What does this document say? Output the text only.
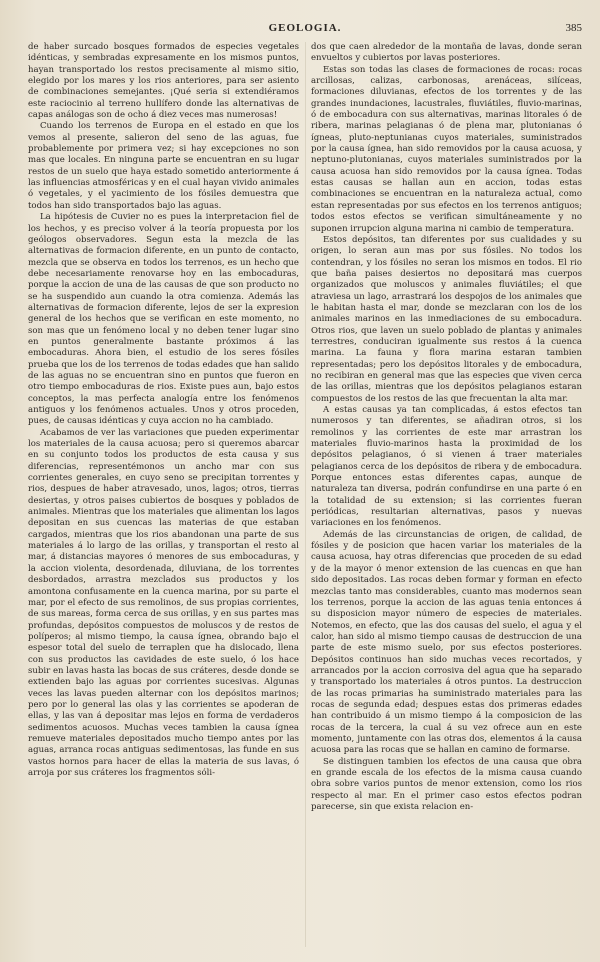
GEOLOGIA.	385

de haber surcado bosques formados de especies vegetales idénticas, y sembradas expresamente en los mismos puntos, hayan transportado los restos precisamente al mismo sitio, elegido por los mares y los rios anteriores, para ser asiento de combinaciones semejantes. ¡Qué seria si extendiéramos este raciocinio al terreno hullífero donde las alternativas de capas análogas son de ocho á diez veces mas numerosas!

Cuando los terrenos de Europa en el estado en que los vemos al presente, salieron del seno de las aguas, fue probablemente por primera vez; si hay excepciones no son mas que locales. En ninguna parte se encuentran en su lugar restos de un suelo que haya estado sometido anteriormente á las influencias atmosféricas y en el cual hayan vivido animales ó vegetales, y el yacimiento de los fósiles demuestra que todos han sido transportados bajo las aguas.

La hipótesis de Cuvier no es pues la interpretacion fiel de los hechos, y es preciso volver á la teoría propuesta por los geólogos observadores. Segun esta la mezcla de las alternativas de formacion diferente, en un punto de contacto, mezcla que se observa en todos los terrenos, es un hecho que debe necesariamente renovarse hoy en las embocaduras, porque la accion de una de las causas de que son producto no se ha suspendido aun cuando la otra comienza. Además las alternativas de formacion diferente, lejos de ser la expresion general de los hechos que se verifican en este momento, no son mas que un fenómeno local y no deben tener lugar sino en puntos generalmente bastante próximos á las embocaduras. Ahora bien, el estudio de los seres fósiles prueba que los de los terrenos de todas edades que han salido de las aguas no se encuentran sino en puntos que fueron en otro tiempo embocaduras de rios. Existe pues aun, bajo estos conceptos, la mas perfecta analogía entre los fenómenos antiguos y los fenómenos actuales. Unos y otros proceden, pues, de causas idénticas y cuya accion no ha cambiado.

Acabamos de ver las variaciones que pueden experimentar los materiales de la causa acuosa; pero si queremos abarcar en su conjunto todos los productos de esta causa y sus diferencias, representémonos un ancho mar con sus corrientes generales, en cuyo seno se precipitan torrentes y rios, despues de haber atravesado, unos, lagos; otros, tierras desiertas, y otros paises cubiertos de bosques y poblados de animales. Mientras que los materiales que alimentan los lagos depositan en sus cuencas las materias de que estaban cargados, mientras que los rios abandonan una parte de sus materiales á lo largo de las orillas, y transportan el resto al mar, á distancias mayores ó menores de sus embocaduras, y la accion violenta, desordenada, diluviana, de los torrentes desbordados, arrastra mezclados sus productos y los amontona confusamente en la cuenca marina, por su parte el mar, por el efecto de sus remolinos, de sus propias corrientes, de sus mareas, forma cerca de sus orillas, y en sus partes mas profundas, depósitos compuestos de moluscos y de restos de políperos; al mismo tiempo, la causa ígnea, obrando bajo el espesor total del suelo de terraplen que ha dislocado, llena con sus productos las cavidades de este suelo, ó los hace subir en lavas hasta las bocas de sus cráteres, desde donde se extienden bajo las aguas por corrientes sucesivas. Algunas veces las lavas pueden alternar con los depósitos marinos; pero por lo general las olas y las corrientes se apoderan de ellas, y las van á depositar mas lejos en forma de verdaderos sedimentos acuosos. Muchas veces tambien la causa ígnea remueve materiales depositados mucho tiempo antes por las aguas, arranca rocas antiguas sedimentosas, las funde en sus vastos hornos para hacer de ellas la materia de sus lavas, ó arroja por sus cráteres los fragmentos sóli-

dos que caen alrededor de la montaña de lavas, donde seran envueltos y cubiertos por lavas posteriores.

Estas son todas las clases de formaciones de rocas: rocas arcillosas, calizas, carbonosas, arenáceas, silíceas, formaciones diluvianas, efectos de los torrentes y de las grandes inundaciones, lacustrales, fluviátiles, fluvio-marinas, ó de embocadura con sus alternativas, marinas litorales ó de ribera, marinas pelagianas ó de plena mar, plutonianas ó ígneas, pluto-neptunianas cuyos materiales, suministrados por la causa ígnea, han sido removidos por la causa acuosa, y neptuno-plutonianas, cuyos materiales suministrados por la causa acuosa han sido removidos por la causa ígnea. Todas estas causas se hallan aun en accion, todas estas combinaciones se encuentran en la naturaleza actual, como estan representadas por sus efectos en los terrenos antiguos; todos estos efectos se verifican simultáneamente y no suponen irrupcion alguna marina ni cambio de temperatura.

Estos depósitos, tan diferentes por sus cualidades y su origen, lo seran aun mas por sus fósiles. No todos los contendran, y los fósiles no seran los mismos en todos. El rio que baña paises desiertos no depositará mas cuerpos organizados que moluscos y animales fluviátiles; el que atraviesa un lago, arrastrará los despojos de los animales que le habitan hasta el mar, donde se mezclaran con los de los animales marinos en las inmediaciones de su embocadura. Otros rios, que laven un suelo poblado de plantas y animales terrestres, conduciran igualmente sus restos á la cuenca marina. La fauna y flora marina estaran tambien representadas; pero los depósitos litorales y de embocadura, no recibiran en general mas que las especies que viven cerca de las orillas, mientras que los depósitos pelagianos estaran compuestos de los restos de las que frecuentan la alta mar.

A estas causas ya tan complicadas, á estos efectos tan numerosos y tan diferentes, se añadiran otros, si los remolinos y las corrientes de este mar arrastran los materiales fluvio-marinos hasta la proximidad de los depósitos pelagianos, ó si vienen á traer materiales pelagianos cerca de los depósitos de ribera y de embocadura. Porque entonces estas diferentes capas, aunque de naturaleza tan diversa, podrán confundirse en una parte ó en la totalidad de su extension; si las corrientes fueran periódicas, resultarian alternativas, pasos y nuevas variaciones en los fenómenos.

Además de las circunstancias de origen, de calidad, de fósiles y de posicion que hacen variar los materiales de la causa acuosa, hay otras diferencias que proceden de su edad y de la mayor ó menor extension de las cuencas en que han sido depositados. Las rocas deben formar y forman en efecto mezclas tanto mas considerables, cuanto mas modernos sean los terrenos, porque la accion de las aguas tenia entonces á su disposicion mayor número de especies de materiales. Notemos, en efecto, que las dos causas del suelo, el agua y el calor, han sido al mismo tiempo causas de destruccion de una parte de este mismo suelo, por sus efectos posteriores. Depósitos continuos han sido muchas veces recortados, y arrancados por la accion corrosiva del agua que ha separado y transportado los materiales á otros puntos. La destruccion de las rocas primarias ha suministrado materiales para las rocas de segunda edad; despues estas dos primeras edades han contribuido á un mismo tiempo á la composicion de las rocas de la tercera, la cual á su vez ofrece aun en este momento, juntamente con las otras dos, elementos á la causa acuosa para las rocas que se hallan en camino de formarse.

Se distinguen tambien los efectos de una causa que obra en grande escala de los efectos de la misma causa cuando obra sobre varios puntos de menor extension, como los rios respecto al mar. En el primer caso estos efectos podran parecerse, sin que exista relacion en-
